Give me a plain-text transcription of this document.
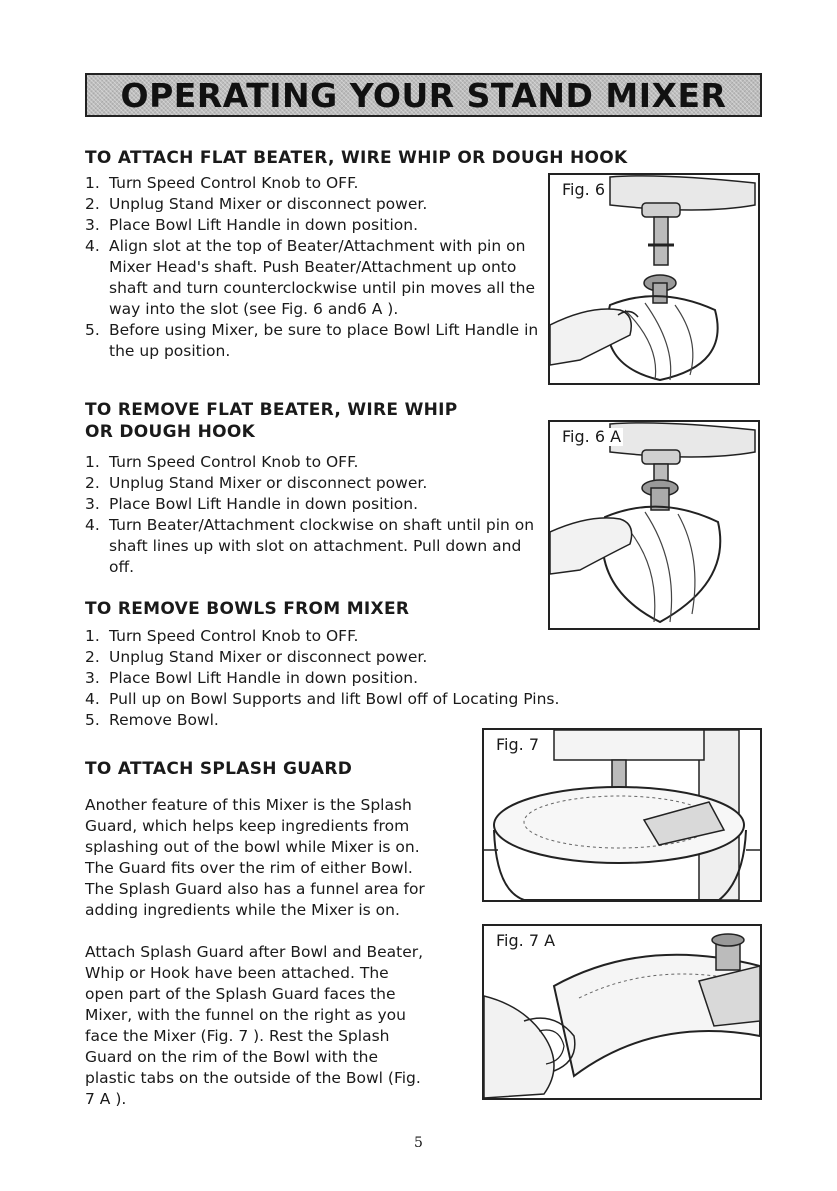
OPERATING YOUR STAND MIXER
TO ATTACH FLAT BEATER, WIRE WHIP OR DOUGH HOOK
1. Turn Speed Control Knob to OFF.
2. Unplug Stand Mixer or disconnect power.
3. Place Bowl Lift Handle in down position.
4. Align slot at the top of Beater/Attachment with pin on Mixer Head's shaft. Push Beater/Attachment up onto shaft and turn counterclockwise until pin moves all the way into the slot (see Fig. 6 and6 A ).
5. Before using Mixer, be sure to place Bowl Lift Handle in the up position.
TO REMOVE FLAT BEATER, WIRE WHIP
OR DOUGH HOOK
1. Turn Speed Control Knob to OFF.
2. Unplug Stand Mixer or disconnect power.
3. Place Bowl Lift Handle in down position.
4. Turn Beater/Attachment clockwise on shaft until pin on shaft lines up with slot on attachment. Pull down and off.
TO REMOVE BOWLS FROM MIXER
1. Turn Speed Control Knob to OFF.
2. Unplug Stand Mixer or disconnect power.
3. Place Bowl Lift Handle in down position.
4. Pull up on Bowl Supports and lift Bowl off of Locating Pins.
5. Remove Bowl.
TO ATTACH SPLASH GUARD

Another feature of this Mixer is the Splash Guard, which helps keep ingredients from splashing out of the bowl while Mixer is on. The Guard fits over the rim of either Bowl. The Splash Guard also has a funnel area for adding ingredients while the Mixer is on.

Attach Splash Guard after Bowl and Beater, Whip or Hook have been attached. The open part of the Splash Guard faces the Mixer, with the funnel on the right as you face the Mixer (Fig. 7 ). Rest the Splash Guard on the rim of the Bowl with the plastic tabs on the outside of the Bowl (Fig. 7 A ).

Fig. 6
Fig. 6 A
Fig. 7
Fig. 7 A
5
